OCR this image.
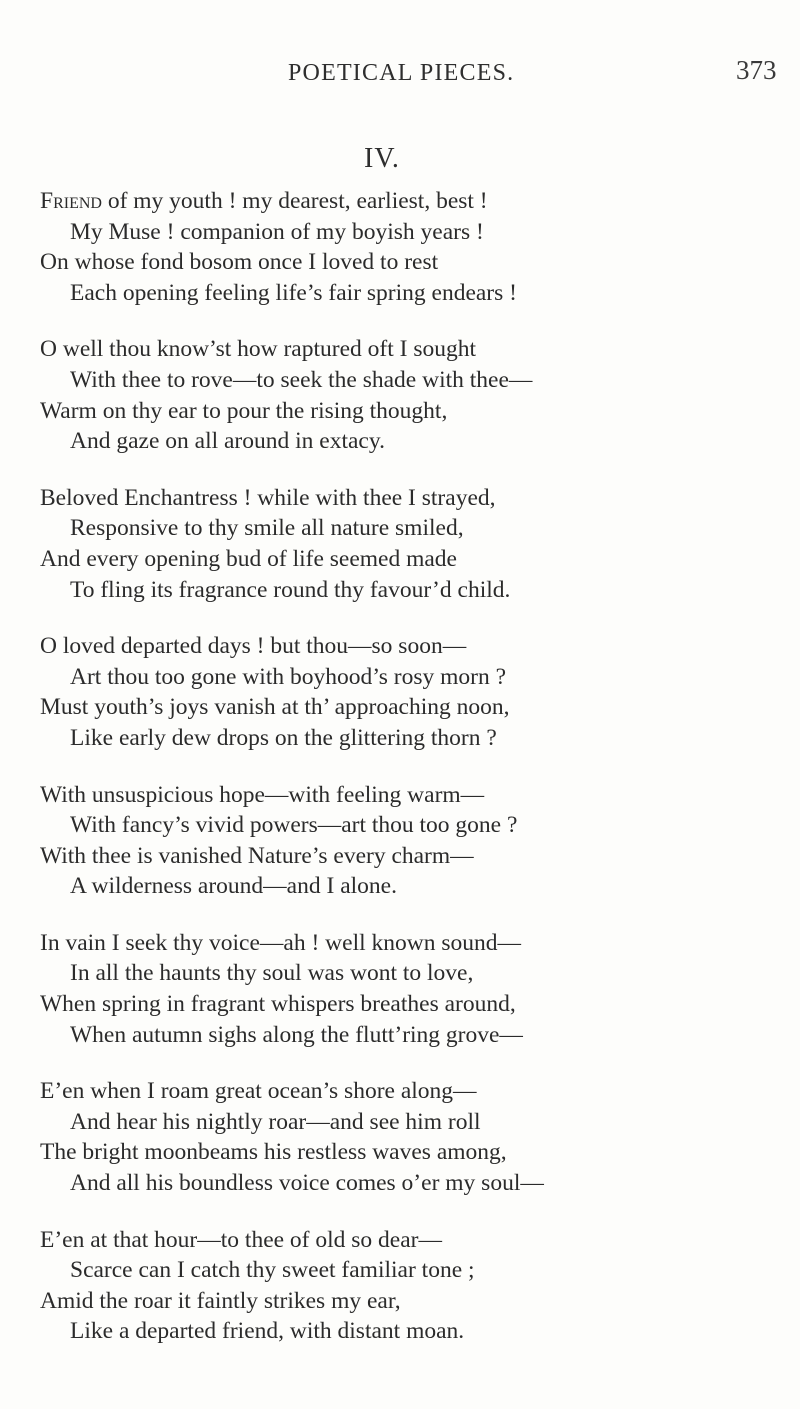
POETICAL PIECES.	373
IV.
Friend of my youth ! my dearest, earliest, best !
My Muse ! companion of my boyish years !
On whose fond bosom once I loved to rest
Each opening feeling life’s fair spring endears !
O well thou know’st how raptured oft I sought
With thee to rove—to seek the shade with thee—
Warm on thy ear to pour the rising thought,
And gaze on all around in extacy.
Beloved Enchantress ! while with thee I strayed,
Responsive to thy smile all nature smiled,
And every opening bud of life seemed made
To fling its fragrance round thy favour’d child.
O loved departed days ! but thou—so soon—
Art thou too gone with boyhood’s rosy morn ?
Must youth’s joys vanish at th’ approaching noon,
Like early dew drops on the glittering thorn ?
With unsuspicious hope—with feeling warm—
With fancy’s vivid powers—art thou too gone ?
With thee is vanished Nature’s every charm—
A wilderness around—and I alone.
In vain I seek thy voice—ah ! well known sound—
In all the haunts thy soul was wont to love,
When spring in fragrant whispers breathes around,
When autumn sighs along the flutt’ring grove—
E’en when I roam great ocean’s shore along—
And hear his nightly roar—and see him roll
The bright moonbeams his restless waves among,
And all his boundless voice comes o’er my soul—
E’en at that hour—to thee of old so dear—
Scarce can I catch thy sweet familiar tone ;
Amid the roar it faintly strikes my ear,
Like a departed friend, with distant moan.
